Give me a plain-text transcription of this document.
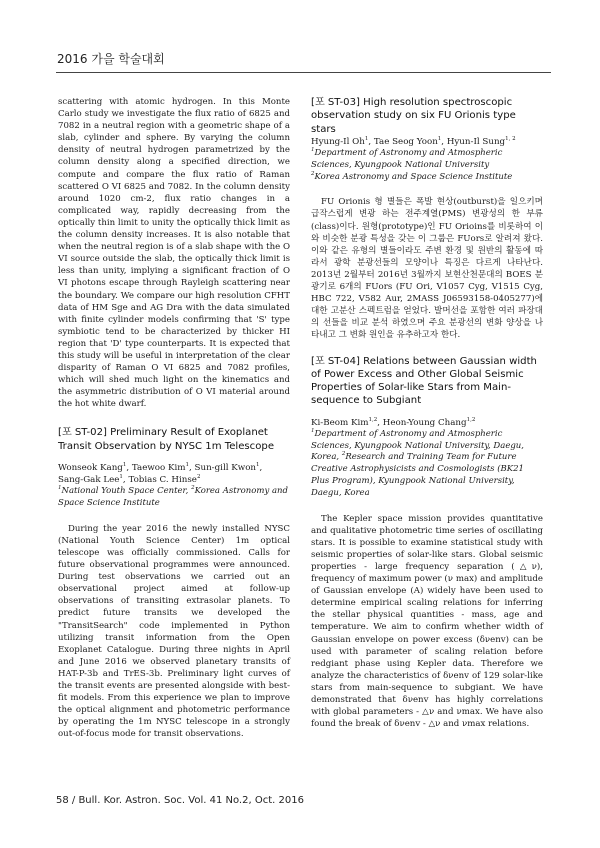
2016 가을 학술대회

scattering with atomic hydrogen. In this Monte Carlo study we investigate the flux ratio of 6825 and 7082 in a neutral region with a geometric shape of a slab, cylinder and sphere. By varying the column density of neutral hydrogen parametrized by the column density along a specified direction, we compute and compare the flux ratio of Raman scattered O VI 6825 and 7082. In the column density around 1020 cm-2, flux ratio changes in a complicated way, rapidly decreasing from the optically thin limit to unity the optically thick limit as the column density increases. It is also notable that when the neutral region is of a slab shape with the O VI source outside the slab, the optically thick limit is less than unity, implying a significant fraction of O VI photons escape through Rayleigh scattering near the boundary. We compare our high resolution CFHT data of HM Sge and AG Dra with the data simulated with finite cylinder models confirming that 'S' type symbiotic tend to be characterized by thicker HI region that 'D' type counterparts. It is expected that this study will be useful in interpretation of the clear disparity of Raman O VI 6825 and 7082 profiles, which will shed much light on the kinematics and the asymmetric distribution of O VI material around the hot white dwarf.

[포 ST-02] Preliminary Result of Exoplanet Transit Observation by NYSC 1m Telescope

Wonseok Kang$^1$, Taewoo Kim$^1$, Sun-gill Kwon$^1$, Sang-Gak Lee$^1$, Tobias C. Hinse$^2$

$^1$National Youth Space Center, $^2$Korea Astronomy and Space Science Institute

During the year 2016 the newly installed NYSC (National Youth Science Center) 1m optical telescope was officially commissioned. Calls for future observational programmes were announced. During test observations we carried out an observational project aimed at follow-up observations of transiting extrasolar planets. To predict future transits we developed the "TransitSearch" code implemented in Python utilizing transit information from the Open Exoplanet Catalogue. During three nights in April and June 2016 we observed planetary transits of HAT-P-3b and TrES-3b. Preliminary light curves of the transit events are presented alongside with best-fit models. From this experience we plan to improve the optical alignment and photometric performance by operating the 1m NYSC telescope in a strongly out-of-focus mode for transit observations.

[포 ST-03] High resolution spectroscopic observation study on six FU Orionis type stars

Hyung-Il Oh$^1$, Tae Seog Yoon$^1$, Hyun-Il Sung$^{1, 2}$

$^1$Department of Astronomy and Atmospheric Sciences, Kyungpook National University
$^2$Korea Astronomy and Space Science Institute

FU Orionis 형 별들은 폭발 현상(outburst)을 일으키며 급작스럽게 변광 하는 전주계열(PMS) 변광성의 한 부류(class)이다. 원형(prototype)인 FU Orioins를 비롯하여 이와 비슷한 분광 특성을 갖는 이 그룹은 FUors로 알려져 왔다. 이와 같은 유형의 별들이라도 주변 환경 및 원반의 활동에 따라서 광학 분광선들의 모양이나 특징은 다르게 나타난다. 2013년 2월부터 2016년 3월까지 보현산천문대의 BOES 분광기로 6개의 FUors (FU Ori, V1057 Cyg, V1515 Cyg, HBC 722, V582 Aur, 2MASS J06593158-0405277)에 대한 고분산 스펙트럼을 얻었다. 발머선을 포함한 여러 파장대의 선들을 비교 분석 하였으며 주요 분광선의 변화 양상을 나타내고 그 변화 원인을 유추하고자 한다.

[포 ST-04] Relations between Gaussian width of Power Excess and Other Global Seismic Properties of Solar-like Stars from Main-sequence to Subgiant

Ki-Beom Kim$^{1,2}$, Heon-Young Chang$^{1,2}$

$^1$Department of Astronomy and Atmospheric Sciences, Kyungpook National University, Daegu, Korea, $^2$Research and Training Team for Future Creative Astrophysicists and Cosmologists (BK21 Plus Program), Kyungpook National University, Daegu, Korea

The Kepler space mission provides quantitative and qualitative photometric time series of oscillating stars. It is possible to examine statistical study with seismic properties of solar-like stars. Global seismic properties - large frequency separation (△ν), frequency of maximum power (ν max) and amplitude of Gaussian envelope (A) widely have been used to determine empirical scaling relations for inferring the stellar physical quantities - mass, age and temperature. We aim to confirm whether width of Gaussian envelope on power excess (δνenv) can be used with parameter of scaling relation before redgiant phase using Kepler data. Therefore we analyze the characteristics of δνenv of 129 solar-like stars from main-sequence to subgiant. We have demonstrated that δνenv has highly correlations with global parameters - △ν and νmax. We have also found the break of δνenv - △ν and νmax relations.

58 / Bull. Kor. Astron. Soc. Vol. 41 No.2, Oct. 2016
